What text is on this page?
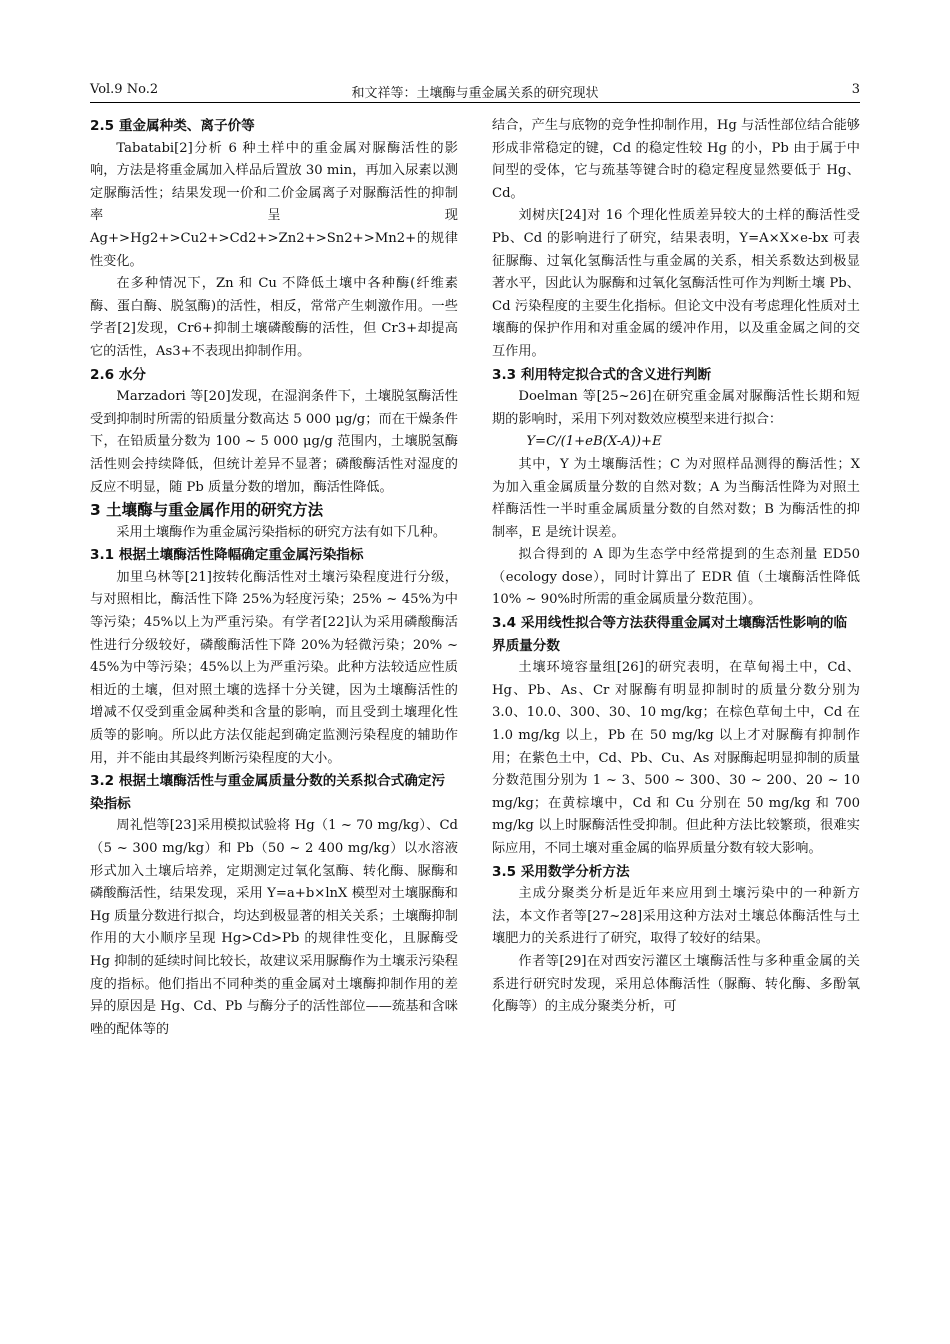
Vol.9 No.2	和文祥等：土壤酶与重金属关系的研究现状	3
2.5 重金属种类、离子价等

Tabatabi[2]分析 6 种土样中的重金属对脲酶活性的影响，方法是将重金属加入样品后置放 30 min，再加入尿素以测定脲酶活性；结果发现一价和二价金属离子对脲酶活性的抑制率呈现 Ag+>Hg2+>Cu2+>Cd2+>Zn2+>Sn2+>Mn2+的规律性变化。

在多种情况下，Zn 和 Cu 不降低土壤中各种酶(纤维素酶、蛋白酶、脱氢酶)的活性，相反，常常产生刺激作用。一些学者[2]发现，Cr6+抑制土壤磷酸酶的活性，但 Cr3+却提高它的活性，As3+不表现出抑制作用。

2.6 水分

Marzadori 等[20]发现，在湿润条件下，土壤脱氢酶活性受到抑制时所需的铅质量分数高达 5 000 μg/g；而在干燥条件下，在铅质量分数为 100 ~ 5 000 μg/g 范围内，土壤脱氢酶活性则会持续降低，但统计差异不显著；磷酸酶活性对湿度的反应不明显，随 Pb 质量分数的增加，酶活性降低。

3 土壤酶与重金属作用的研究方法

采用土壤酶作为重金属污染指标的研究方法有如下几种。

3.1 根据土壤酶活性降幅确定重金属污染指标

加里乌林等[21]按转化酶活性对土壤污染程度进行分级，与对照相比，酶活性下降 25%为轻度污染；25% ~ 45%为中等污染；45%以上为严重污染。有学者[22]认为采用磷酸酶活性进行分级较好，磷酸酶活性下降 20%为轻微污染；20% ~ 45%为中等污染；45%以上为严重污染。此种方法较适应性质相近的土壤，但对照土壤的选择十分关键，因为土壤酶活性的增减不仅受到重金属种类和含量的影响，而且受到土壤理化性质等的影响。所以此方法仅能起到确定监测污染程度的辅助作用，并不能由其最终判断污染程度的大小。

3.2 根据土壤酶活性与重金属质量分数的关系拟合式确定污染指标

周礼恺等[23]采用模拟试验将 Hg（1 ~ 70 mg/kg）、Cd（5 ~ 300 mg/kg）和 Pb（50 ~ 2 400 mg/kg）以水溶液形式加入土壤后培养，定期测定过氧化氢酶、转化酶、脲酶和磷酸酶活性，结果发现，采用 Y=a+b×lnX 模型对土壤脲酶和 Hg 质量分数进行拟合，均达到极显著的相关关系；土壤酶抑制作用的大小顺序呈现 Hg>Cd>Pb 的规律性变化，且脲酶受 Hg 抑制的延续时间比较长，故建议采用脲酶作为土壤汞污染程度的指标。他们指出不同种类的重金属对土壤酶抑制作用的差异的原因是 Hg、Cd、Pb 与酶分子的活性部位——巯基和含咪唑的配体等的

结合，产生与底物的竞争性抑制作用，Hg 与活性部位结合能够形成非常稳定的键，Cd 的稳定性较 Hg 的小，Pb 由于属于中间型的受体，它与巯基等键合时的稳定程度显然要低于 Hg、Cd。

刘树庆[24]对 16 个理化性质差异较大的土样的酶活性受 Pb、Cd 的影响进行了研究，结果表明，Y=A×X×e-bx 可表征脲酶、过氧化氢酶活性与重金属的关系，相关系数达到极显著水平，因此认为脲酶和过氧化氢酶活性可作为判断土壤 Pb、Cd 污染程度的主要生化指标。但论文中没有考虑理化性质对土壤酶的保护作用和对重金属的缓冲作用，以及重金属之间的交互作用。

3.3 利用特定拟合式的含义进行判断

Doelman 等[25~26]在研究重金属对脲酶活性长期和短期的影响时，采用下列对数效应模型来进行拟合：

Y=C/(1+eB(X-A))+E

其中，Y 为土壤酶活性；C 为对照样品测得的酶活性；X 为加入重金属质量分数的自然对数；A 为当酶活性降为对照土样酶活性一半时重金属质量分数的自然对数；B 为酶活性的抑制率，E 是统计误差。

拟合得到的 A 即为生态学中经常提到的生态剂量 ED50（ecology dose），同时计算出了 EDR 值（土壤酶活性降低 10% ~ 90%时所需的重金属质量分数范围）。

3.4 采用线性拟合等方法获得重金属对土壤酶活性影响的临界质量分数

土壤环境容量组[26]的研究表明，在草甸褐土中，Cd、Hg、Pb、As、Cr 对脲酶有明显抑制时的质量分数分别为 3.0、10.0、300、30、10 mg/kg；在棕色草甸土中，Cd 在 1.0 mg/kg 以上，Pb 在 50 mg/kg 以上才对脲酶有抑制作用；在紫色土中，Cd、Pb、Cu、As 对脲酶起明显抑制的质量分数范围分别为 1 ~ 3、500 ~ 300、30 ~ 200、20 ~ 10 mg/kg；在黄棕壤中，Cd 和 Cu 分别在 50 mg/kg 和 700 mg/kg 以上时脲酶活性受抑制。但此种方法比较繁琐，很难实际应用，不同土壤对重金属的临界质量分数有较大影响。

3.5 采用数学分析方法

主成分聚类分析是近年来应用到土壤污染中的一种新方法，本文作者等[27~28]采用这种方法对土壤总体酶活性与土壤肥力的关系进行了研究，取得了较好的结果。

作者等[29]在对西安污灌区土壤酶活性与多种重金属的关系进行研究时发现，采用总体酶活性（脲酶、转化酶、多酚氧化酶等）的主成分聚类分析，可
